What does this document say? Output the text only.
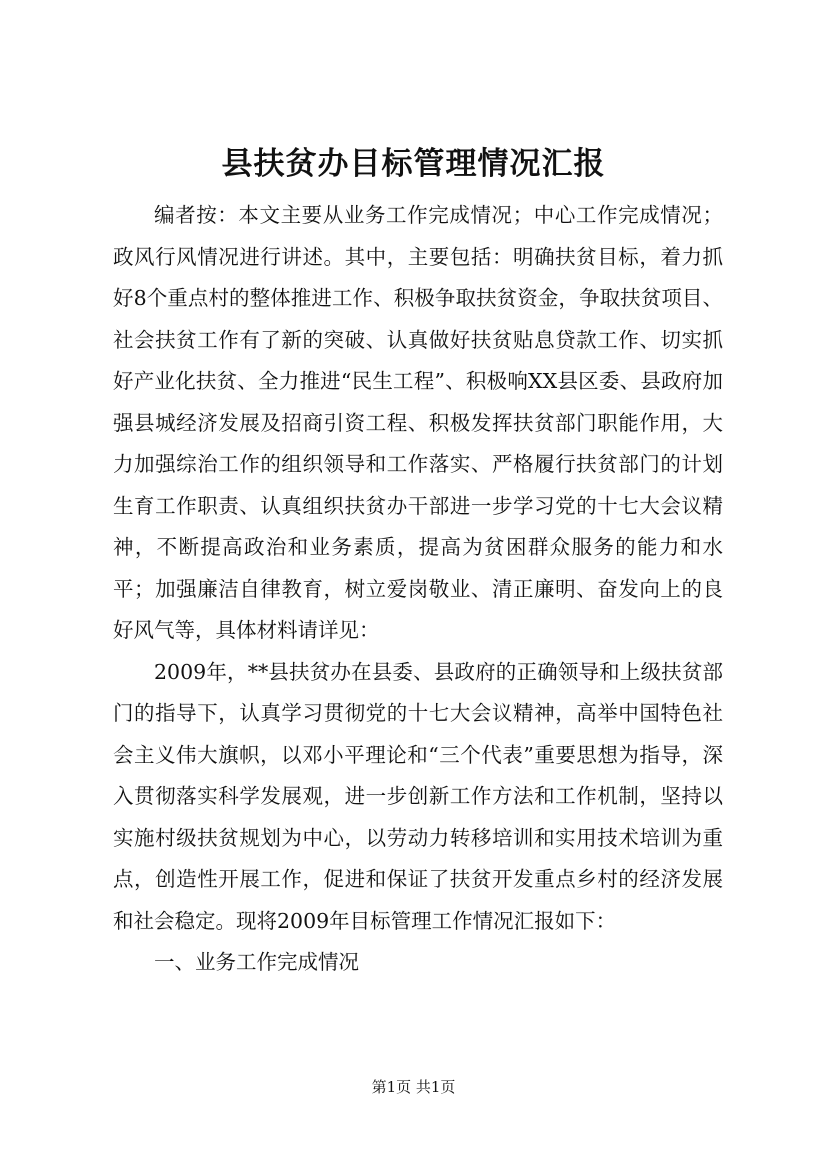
县扶贫办目标管理情况汇报

编者按：本文主要从业务工作完成情况；中心工作完成情况；政风行风情况进行讲述。其中，主要包括：明确扶贫目标，着力抓好8个重点村的整体推进工作、积极争取扶贫资金，争取扶贫项目、社会扶贫工作有了新的突破、认真做好扶贫贴息贷款工作、切实抓好产业化扶贫、全力推进“民生工程”、积极响XX县区委、县政府加强县城经济发展及招商引资工程、积极发挥扶贫部门职能作用，大力加强综治工作的组织领导和工作落实、严格履行扶贫部门的计划生育工作职责、认真组织扶贫办干部进一步学习党的十七大会议精神，不断提高政治和业务素质，提高为贫困群众服务的能力和水平；加强廉洁自律教育，树立爱岗敬业、清正廉明、奋发向上的良好风气等，具体材料请详见：

2009年，**县扶贫办在县委、县政府的正确领导和上级扶贫部门的指导下，认真学习贯彻党的十七大会议精神，高举中国特色社会主义伟大旗帜，以邓小平理论和“三个代表”重要思想为指导，深入贯彻落实科学发展观，进一步创新工作方法和工作机制，坚持以实施村级扶贫规划为中心，以劳动力转移培训和实用技术培训为重点，创造性开展工作，促进和保证了扶贫开发重点乡村的经济发展和社会稳定。现将2009年目标管理工作情况汇报如下：

一、业务工作完成情况

第1页 共1页
